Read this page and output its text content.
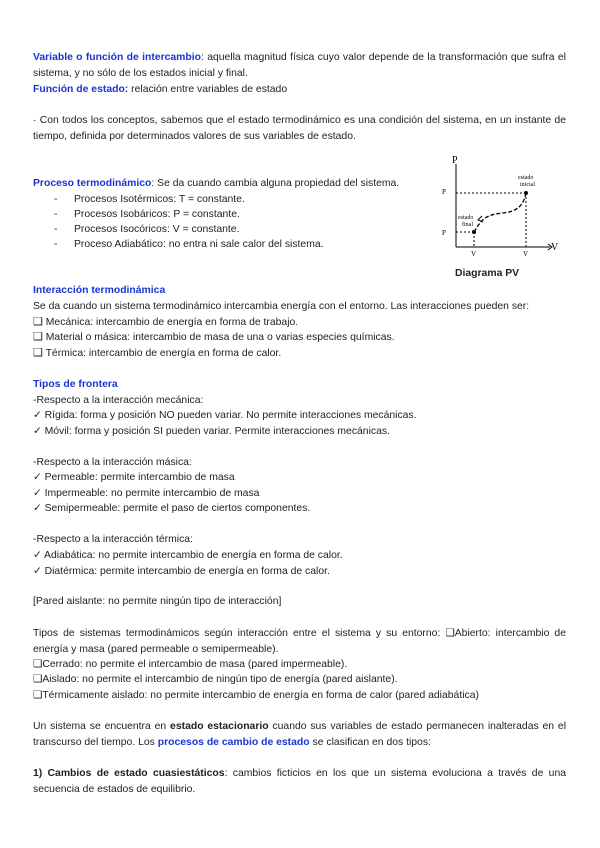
Variable o función de intercambio: aquella magnitud física cuyo valor depende de la transformación que sufra el sistema, y no sólo de los estados inicial y final.
Función de estado: relación entre variables de estado
· Con todos los conceptos, sabemos que el estado termodinámico es una condición del sistema, en un instante de tiempo, definida por determinados valores de sus variables de estado.
Proceso termodinámico: Se da cuando cambia alguna propiedad del sistema.
- Procesos Isotérmicos: T = constante.
- Procesos Isobáricos: P = constante.
- Procesos Isocóricos: V = constante.
- Proceso Adiabático: no entra ni sale calor del sistema.
P
V
P
P
V	V
estado
inicial
estado
final
Diagrama PV
Interacción termodinámica
Se da cuando un sistema termodinámico intercambia energía con el entorno. Las interacciones pueden ser:
❑ Mecánica: intercambio de energía en forma de trabajo.
❑ Material o másica: intercambio de masa de una o varias especies químicas.
❑ Térmica: intercambio de energía en forma de calor.
Tipos de frontera
-Respecto a la interacción mecánica:
✓ Rígida: forma y posición NO pueden variar. No permite interacciones mecánicas.
✓ Móvil: forma y posición SI pueden variar. Permite interacciones mecánicas.
-Respecto a la interacción másica:
✓ Permeable: permite intercambio de masa
✓ Impermeable: no permite intercambio de masa
✓ Semipermeable: permite el paso de ciertos componentes.
-Respecto a la interacción térmica:
✓ Adiabática: no permite intercambio de energía en forma de calor.
✓ Diatérmica: permite intercambio de energía en forma de calor.
[Pared aislante: no permite ningún tipo de interacción]
Tipos de sistemas termodinámicos según interacción entre el sistema y su entorno: ❑Abierto: intercambio de energía y masa (pared permeable o semipermeable).
❑Cerrado: no permite el intercambio de masa (pared impermeable).
❑Aislado: no permite el intercambio de ningún tipo de energía (pared aislante).
❑Térmicamente aislado: no permite intercambio de energía en forma de calor (pared adiabática)
Un sistema se encuentra en estado estacionario cuando sus variables de estado permanecen inalteradas en el transcurso del tiempo. Los procesos de cambio de estado se clasifican en dos tipos:
1) Cambios de estado cuasiestáticos: cambios ficticios en los que un sistema evoluciona a través de una secuencia de estados de equilibrio.
